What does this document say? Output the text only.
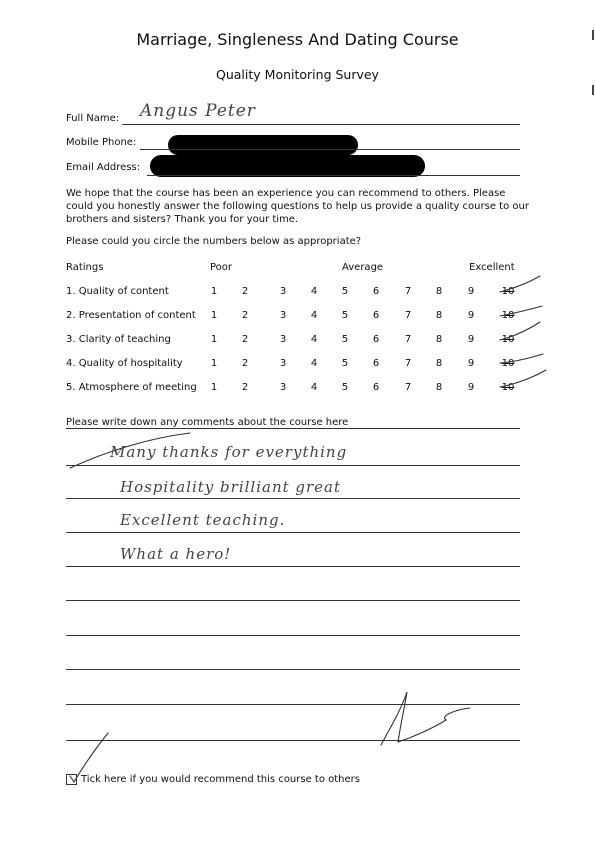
Marriage, Singleness And Dating Course
Quality Monitoring Survey
Full Name: Angus Peter
Mobile Phone:
Email Address:
We hope that the course has been an experience you can recommend to others. Please could you honestly answer the following questions to help us provide a quality course to our brothers and sisters? Thank you for your time.
Please could you circle the numbers below as appropriate?
Ratings	Poor	Average	Excellent
1. Quality of content	1 2	3 4 5 6	7 8	9	10
2. Presentation of content 1 2	3 4 5 6	7 8	9	10
3. Clarity of teaching	1 2	3 4 5 6	7 8	9	10
4. Quality of hospitality	1 2	3 4 5 6	7 8	9	10
5. Atmosphere of meeting 1 2	3 4 5 6	7 8	9	10
Please write down any comments about the course here
Many thanks for everything
Hospitality brilliant great
Excellent teaching.
What a hero!
Tick here if you would recommend this course to others
